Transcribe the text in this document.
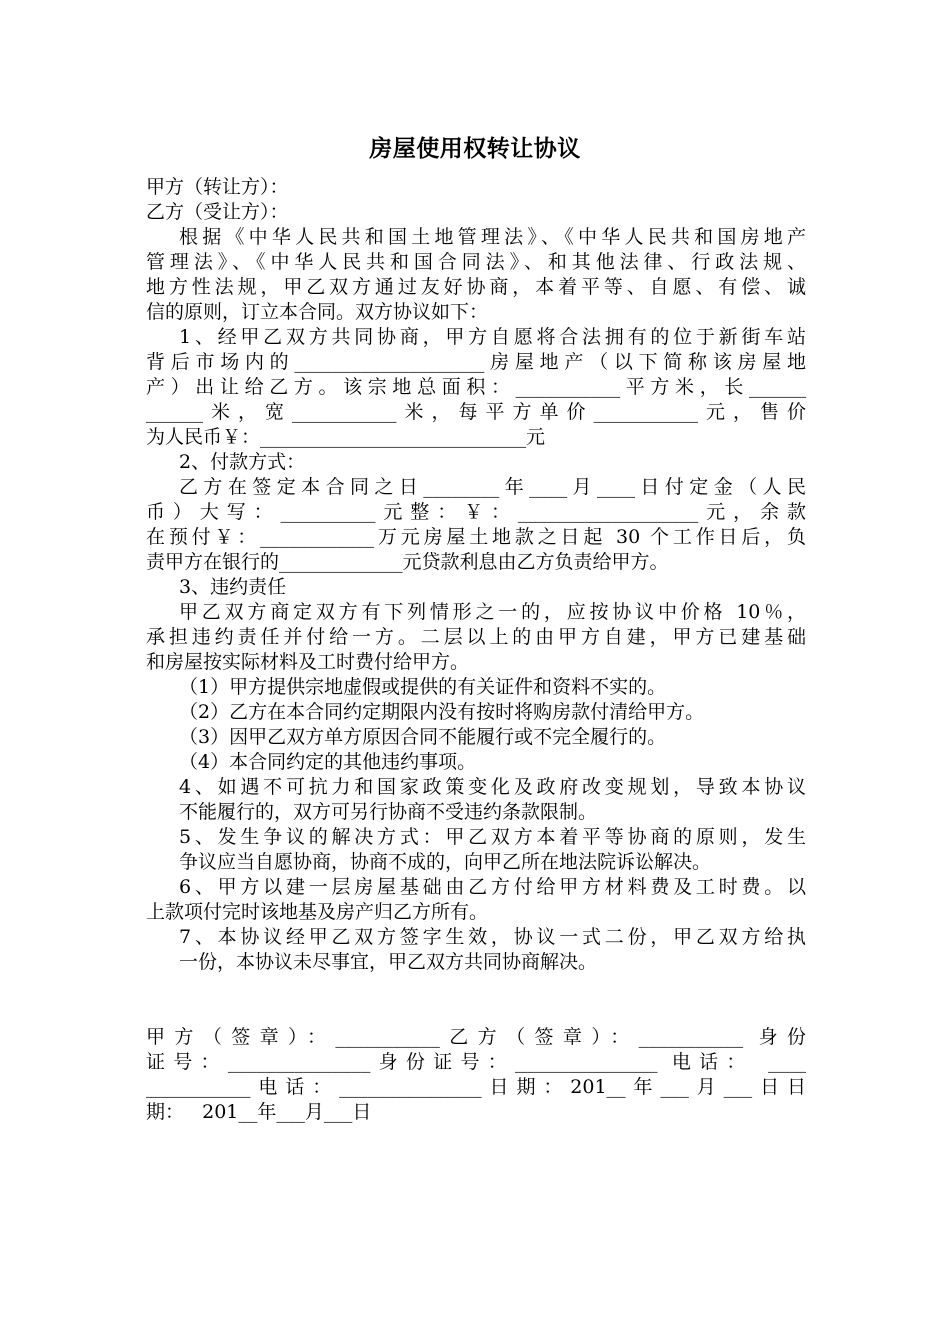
房屋使用权转让协议
甲方（转让方）：
乙方（受让方）：
根据《中华人民共和国土地管理法》、《中华人民共和国房地产
管理法》、《中华人民共和国合同法》、和其他法律、行政法规、
地方性法规，甲乙双方通过友好协商，本着平等、自愿、有偿、诚
信的原则，订立本合同。双方协议如下：
1、经甲乙双方共同协商，甲方自愿将合法拥有的位于新街车站
背后市场内的____________________房屋地产（以下简称该房屋地
产）出让给乙方。该宗地总面积：___________平方米，长______
______米，宽___________米，每平方单价___________元，售价
为人民币￥：____________________________元
2、付款方式：
乙方在签定本合同之日________年____月____日付定金（人民
币）大写：__________元整：￥：___________________元，余款
在预付￥：____________万元房屋土地款之日起 30 个工作日后，负
责甲方在银行的_____________元贷款利息由乙方负责给甲方。
3、违约责任
甲乙双方商定双方有下列情形之一的，应按协议中价格 10％，
承担违约责任并付给一方。二层以上的由甲方自建，甲方已建基础
和房屋按实际材料及工时费付给甲方。
（1）甲方提供宗地虚假或提供的有关证件和资料不实的。
（2）乙方在本合同约定期限内没有按时将购房款付清给甲方。
（3）因甲乙双方单方原因合同不能履行或不完全履行的。
（4）本合同约定的其他违约事项。
4、如遇不可抗力和国家政策变化及政府改变规划，导致本协议
不能履行的，双方可另行协商不受违约条款限制。
5、发生争议的解决方式：甲乙双方本着平等协商的原则，发生
争议应当自愿协商，协商不成的，向甲乙所在地法院诉讼解决。
6、甲方以建一层房屋基础由乙方付给甲方材料费及工时费。以
上款项付完时该地基及房产归乙方所有。
7、本协议经甲乙双方签字生效，协议一式二份，甲乙双方给执
一份，本协议未尽事宜，甲乙双方共同协商解决。
甲方（签章）：___________乙方（签章）：___________ 身份
证号：_______________身份证号：_______________ 电话： ____
___________电话：_______________日期：201__年___月___日日
期：   201__年___月___日
